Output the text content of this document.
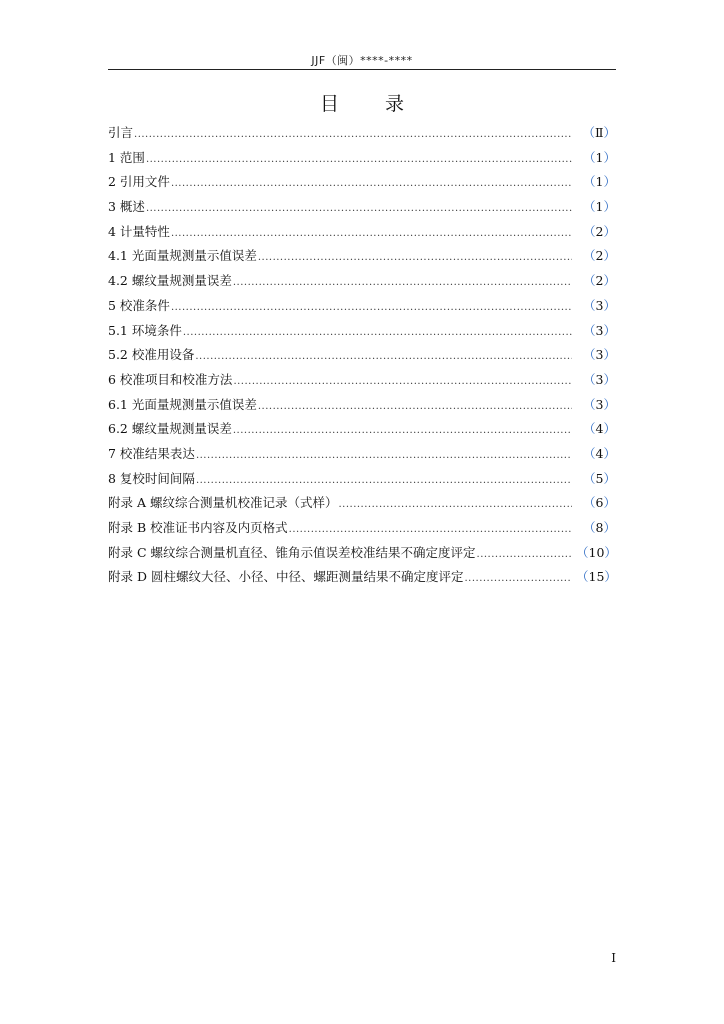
JJF（闽）****-****
目 录
引言 .....	（Ⅱ）
1 范围 .....	（1）
2 引用文件 .....	（1）
3 概述 .....	（1）
4 计量特性 .....	（2）
4.1 光面量规测量示值误差 .....	（2）
4.2 螺纹量规测量误差 .....	（2）
5 校准条件 .....	（3）
5.1 环境条件 .....	（3）
5.2 校准用设备 .....	（3）
6 校准项目和校准方法 .....	（3）
6.1 光面量规测量示值误差 .....	（3）
6.2 螺纹量规测量误差 .....	（4）
7 校准结果表达 .....	（4）
8 复校时间间隔 .....	（5）
附录 A 螺纹综合测量机校准记录（式样） .....	（6）
附录 B 校准证书内容及内页格式 .....	（8）
附录 C 螺纹综合测量机直径、锥角示值误差校准结果不确定度评定 .....	（10）
附录 D 圆柱螺纹大径、小径、中径、螺距测量结果不确定度评定 .....	（15）
I
